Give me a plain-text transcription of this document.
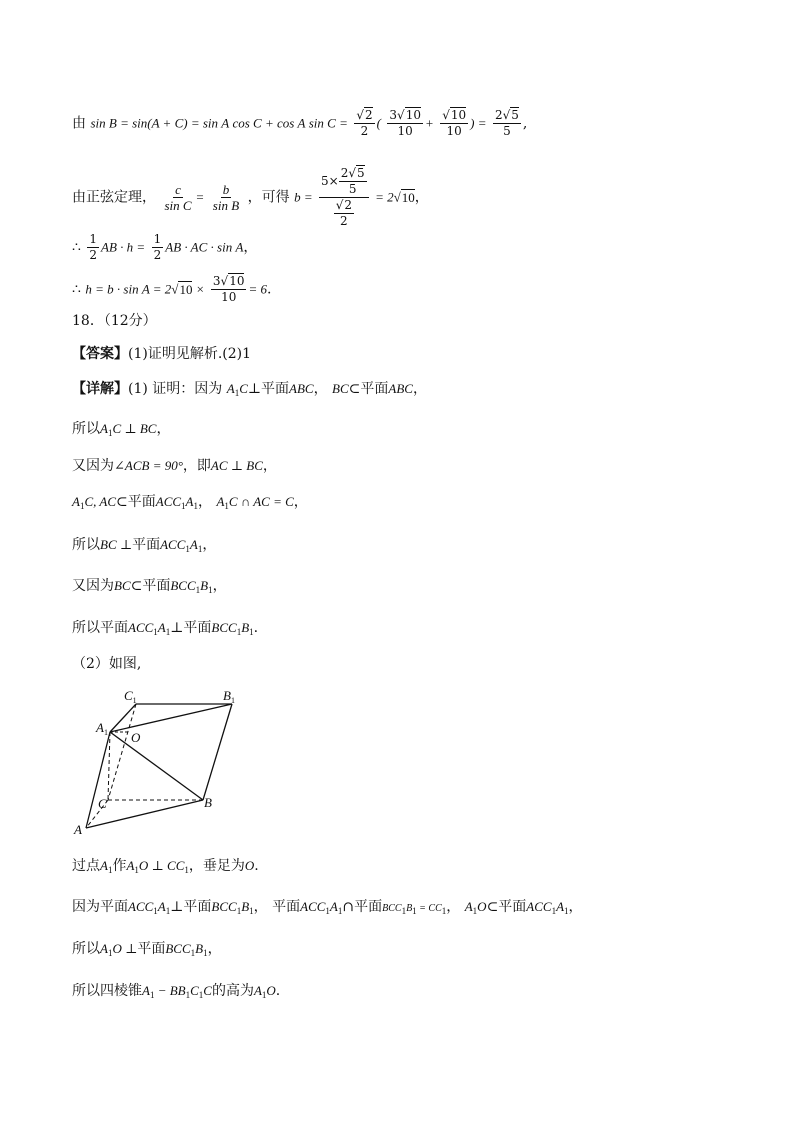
由 sin B = sin(A + C) = sin A cos C + cos A $\sin C = \frac{√2}{2}$ ( $\frac{3√10}{10} + \frac{√10}{10}$ ) = $\frac{2√5}{5}$ ,
由正弦定理， $\frac{c}{\text{sin C}} = \frac{b}{\text{sin B}}$ ，可得 $b = \frac{5\times \frac{2√5}{5}}{\frac{√2}{2}} = 2√10$，
∴ $\frac{1}{2}$ AB · $h = \frac{1}{2}$ AB · AC · sin A，
∴ $h = b \cdot \sin A = 2√10 \times \frac{3√10}{10} = 6$.
18．（12分）
【答案】(1)证明见解析.(2)1
【详解】(1) 证明：因为 $A_1C\perp$平面ABC， BC⊂平面ABC，
所以$A_1C$ ⊥ BC，
又因为∠ACB = 90°，即AC ⊥ BC，
$A_1C$, AC⊂平面$ACC_1A_1$， $A_1C$ ∩ AC = C，
所以BC ⊥平面$ACC_1A_1$，
又因为BC⊂平面$BCC_1B_1$，
所以平面$ACC_1A_1\perp$平面$BCC_1B_1$.
（2）如图,
$C_1$	$B_1$
$A_1$ O
C	B
A
过点$A_1$作$A_1O$ ⊥ $CC_1$，垂足为O.
因为平面$ACC_1A_1\perp$平面$BCC_1B_1$， 平面$ACC_1A_1\cap$平面BCC1B1 = CC1， $A_1O\subset$平面$ACC_1A_1$，
所以$A_1O$ ⊥平面$BCC_1B_1$，
所以四棱锥$A_1 - BB_1C_1C$的高为$A_1O$.
